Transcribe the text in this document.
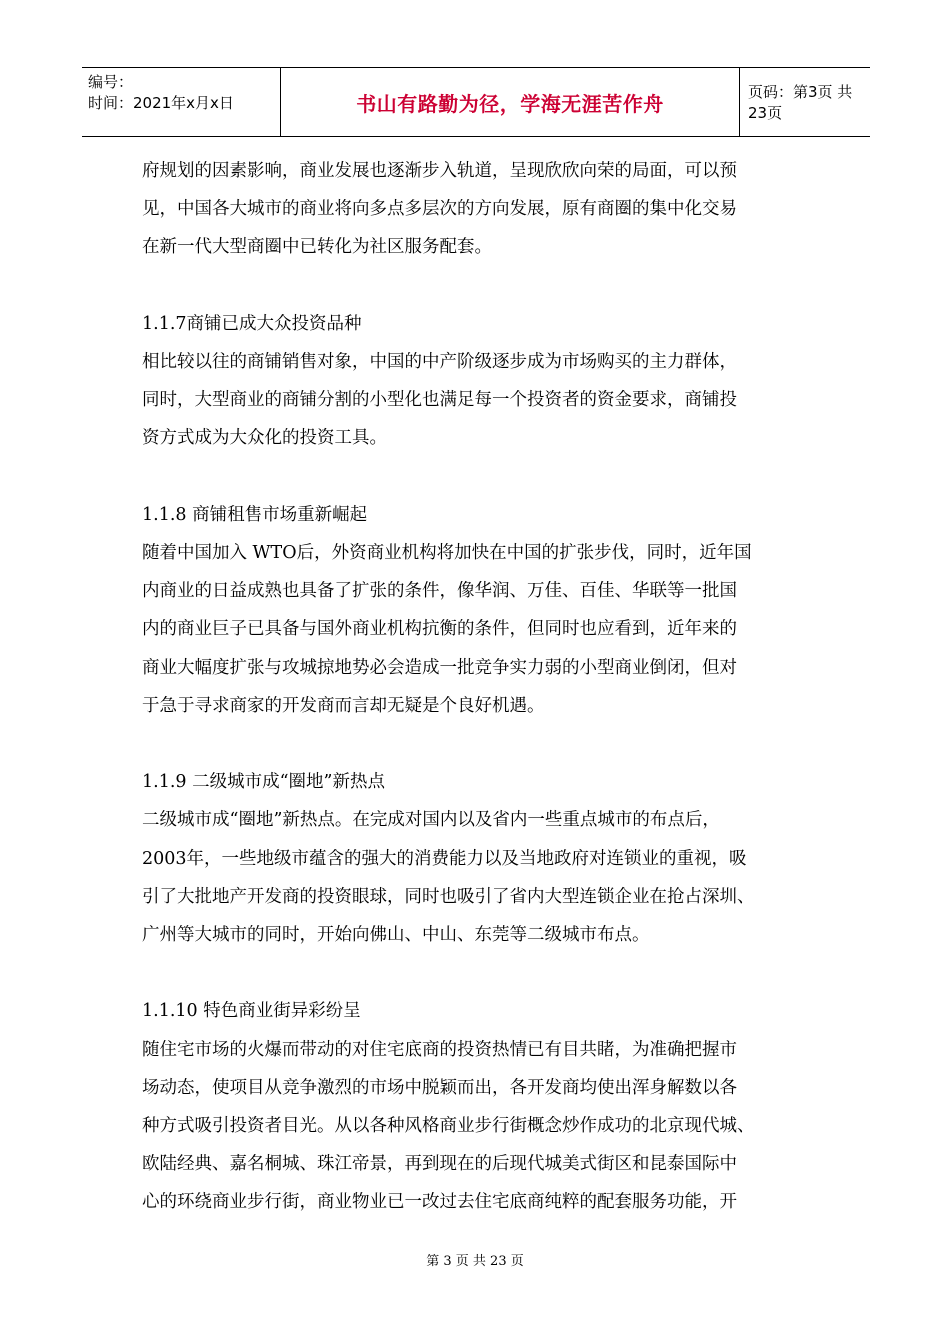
编号：
时间：2021年x月x日	书山有路勤为径，学海无涯苦作舟	页码：第3页 共23页
府规划的因素影响，商业发展也逐渐步入轨道，呈现欣欣向荣的局面，可以预
见，中国各大城市的商业将向多点多层次的方向发展，原有商圈的集中化交易
在新一代大型商圈中已转化为社区服务配套。
1.1.7商铺已成大众投资品种
相比较以往的商铺销售对象，中国的中产阶级逐步成为市场购买的主力群体，
同时，大型商业的商铺分割的小型化也满足每一个投资者的资金要求，商铺投
资方式成为大众化的投资工具。
1.1.8 商铺租售市场重新崛起
随着中国加入 WTO后，外资商业机构将加快在中国的扩张步伐，同时，近年国
内商业的日益成熟也具备了扩张的条件，像华润、万佳、百佳、华联等一批国
内的商业巨子已具备与国外商业机构抗衡的条件，但同时也应看到，近年来的
商业大幅度扩张与攻城掠地势必会造成一批竞争实力弱的小型商业倒闭，但对
于急于寻求商家的开发商而言却无疑是个良好机遇。
1.1.9 二级城市成“圈地”新热点
二级城市成“圈地”新热点。在完成对国内以及省内一些重点城市的布点后，
2003年，一些地级市蕴含的强大的消费能力以及当地政府对连锁业的重视，吸
引了大批地产开发商的投资眼球，同时也吸引了省内大型连锁企业在抢占深圳、
广州等大城市的同时，开始向佛山、中山、东莞等二级城市布点。
1.1.10 特色商业街异彩纷呈
随住宅市场的火爆而带动的对住宅底商的投资热情已有目共睹，为准确把握市
场动态，使项目从竞争激烈的市场中脱颖而出，各开发商均使出浑身解数以各
种方式吸引投资者目光。从以各种风格商业步行街概念炒作成功的北京现代城、
欧陆经典、嘉名桐城、珠江帝景，再到现在的后现代城美式街区和昆泰国际中
心的环绕商业步行街，商业物业已一改过去住宅底商纯粹的配套服务功能，开
第 3 页 共 23 页
